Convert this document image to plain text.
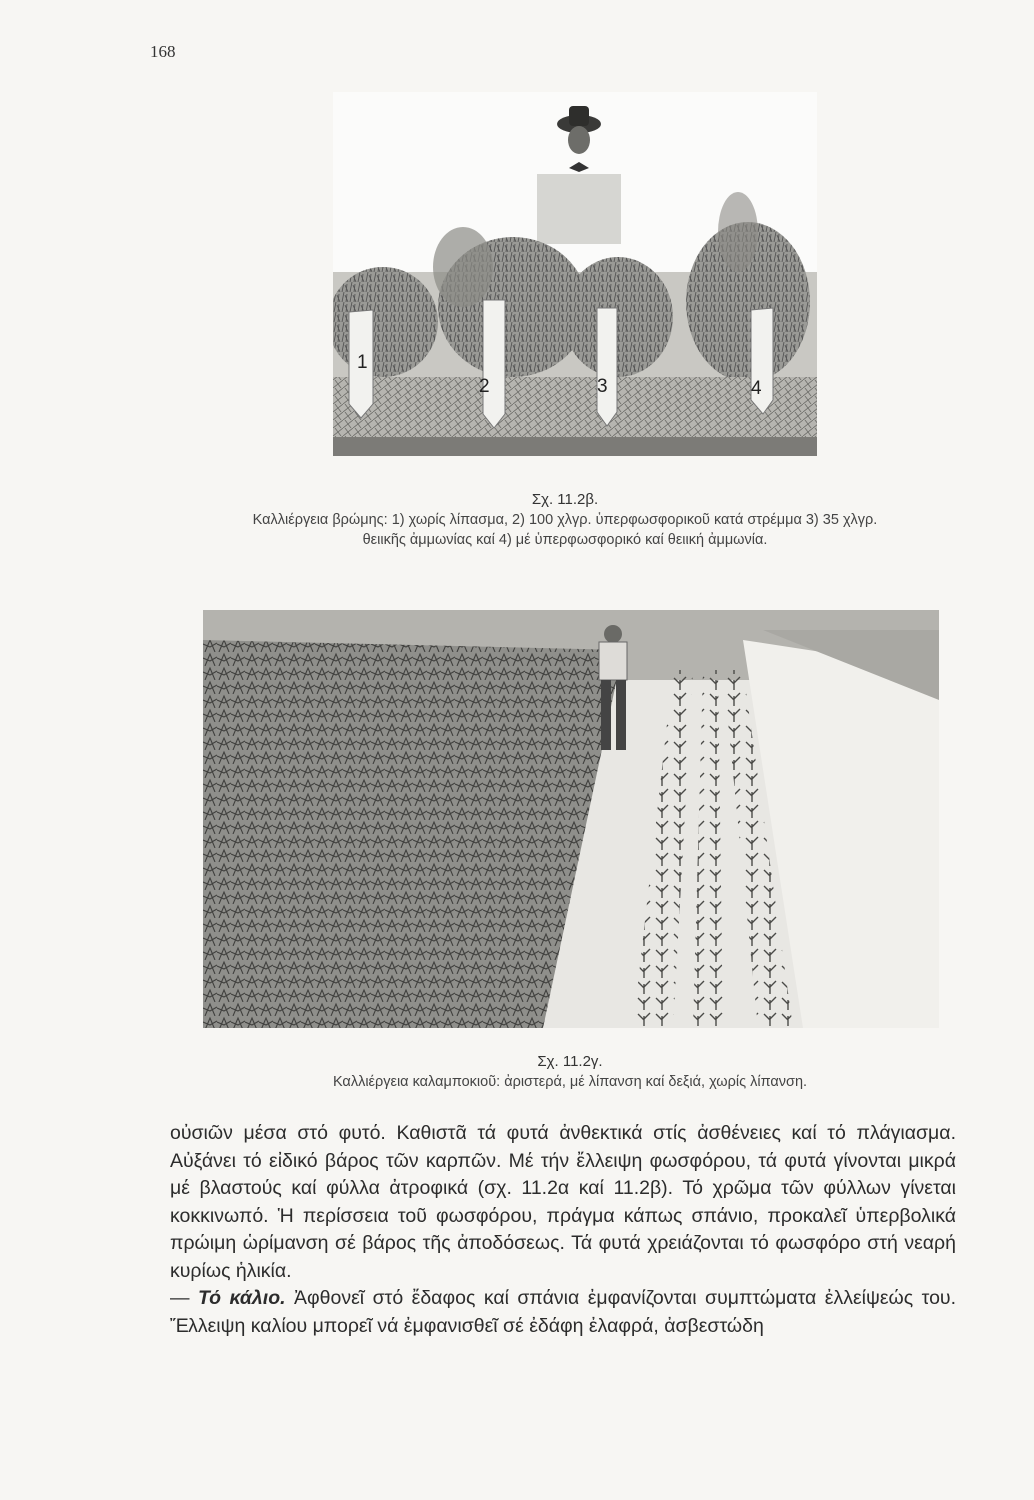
168
1
2	3	4
Σχ. 11.2β.
Καλλιέργεια βρώμης: 1) χωρίς λίπασμα, 2) 100 χλγρ. ὑπερφωσφορικοῦ κατά στρέμμα 3) 35 χλγρ.
θειικῆς ἀμμωνίας καί 4) μέ ὑπερφωσφορικό καί θειική ἀμμωνία.
Σχ. 11.2γ.
Καλλιέργεια καλαμποκιοῦ: ἀριστερά, μέ λίπανση καί δεξιά, χωρίς λίπανση.

οὐσιῶν μέσα στό φυτό. Καθιστᾶ τά φυτά ἀνθεκτικά στίς ἀσθένειες καί τό πλάγιασμα. Αὐξάνει τό εἰδικό βάρος τῶν καρπῶν. Μέ τήν ἔλλειψη φωσφόρου, τά φυτά γίνονται μικρά μέ βλαστούς καί φύλλα ἀτροφικά (σχ. 11.2α καί 11.2β). Τό χρῶμα τῶν φύλλων γίνεται κοκκινωπό. Ἡ περίσσεια τοῦ φωσφόρου, πράγμα κάπως σπάνιο, προκαλεῖ ὑπερβολικά πρώιμη ὡρίμανση σέ βάρος τῆς ἀποδόσεως. Τά φυτά χρειάζονται τό φωσφόρο στή νεαρή κυρίως ἡλικία.

— Τό κάλιο. Ἀφθονεῖ στό ἔδαφος καί σπάνια ἐμφανίζονται συμπτώματα ἐλλείψεώς του. Ἔλλειψη καλίου μπορεῖ νά ἐμφανισθεῖ σέ ἐδάφη ἐλαφρά, ἀσβεστώδη
